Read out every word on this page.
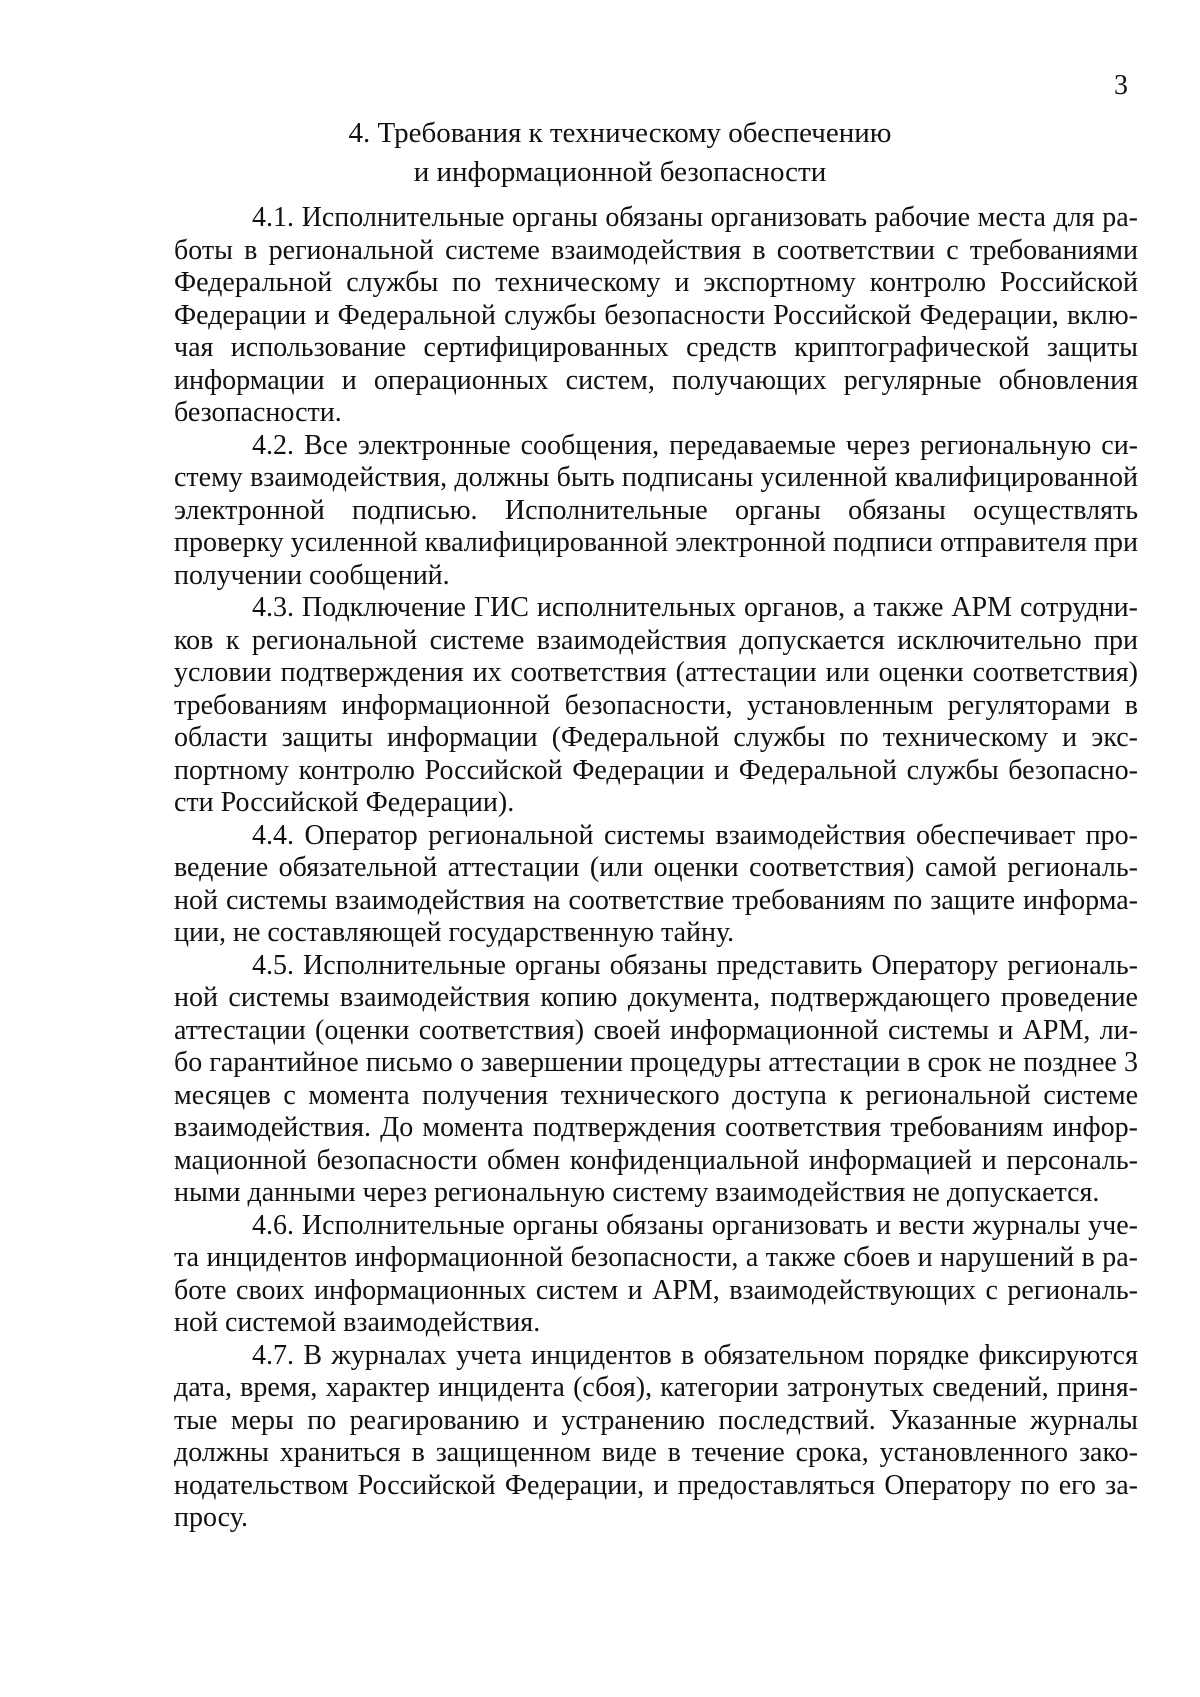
3
4. Требования к техническому обеспечению
и информационной безопасности

4.1. Исполнительные органы обязаны организовать рабочие места для работы в региональной системе взаимодействия в соответствии с требованиями Федеральной службы по техническому и экспортному контролю Российской Федерации и Федеральной службы безопасности Российской Федерации, включая использование сертифицированных средств криптографической защиты информации и операционных систем, получающих регулярные обновления безопасности.

4.2. Все электронные сообщения, передаваемые через региональную систему взаимодействия, должны быть подписаны усиленной квалифицированной электронной подписью. Исполнительные органы обязаны осуществлять проверку усиленной квалифицированной электронной подписи отправителя при получении сообщений.

4.3. Подключение ГИС исполнительных органов, а также АРМ сотрудников к региональной системе взаимодействия допускается исключительно при условии подтверждения их соответствия (аттестации или оценки соответствия) требованиям информационной безопасности, установленным регуляторами в области защиты информации (Федеральной службы по техническому и экспортному контролю Российской Федерации и Федеральной службы безопасности Российской Федерации).

4.4. Оператор региональной системы взаимодействия обеспечивает проведение обязательной аттестации (или оценки соответствия) самой региональной системы взаимодействия на соответствие требованиям по защите информации, не составляющей государственную тайну.

4.5. Исполнительные органы обязаны представить Оператору региональной системы взаимодействия копию документа, подтверждающего проведение аттестации (оценки соответствия) своей информационной системы и АРМ, либо гарантийное письмо о завершении процедуры аттестации в срок не позднее 3 месяцев с момента получения технического доступа к региональной системе взаимодействия. До момента подтверждения соответствия требованиям информационной безопасности обмен конфиденциальной информацией и персональными данными через региональную систему взаимодействия не допускается.

4.6. Исполнительные органы обязаны организовать и вести журналы учета инцидентов информационной безопасности, а также сбоев и нарушений в работе своих информационных систем и АРМ, взаимодействующих с региональной системой взаимодействия.

4.7. В журналах учета инцидентов в обязательном порядке фиксируются дата, время, характер инцидента (сбоя), категории затронутых сведений, принятые меры по реагированию и устранению последствий. Указанные журналы должны храниться в защищенном виде в течение срока, установленного законодательством Российской Федерации, и предоставляться Оператору по его запросу.
